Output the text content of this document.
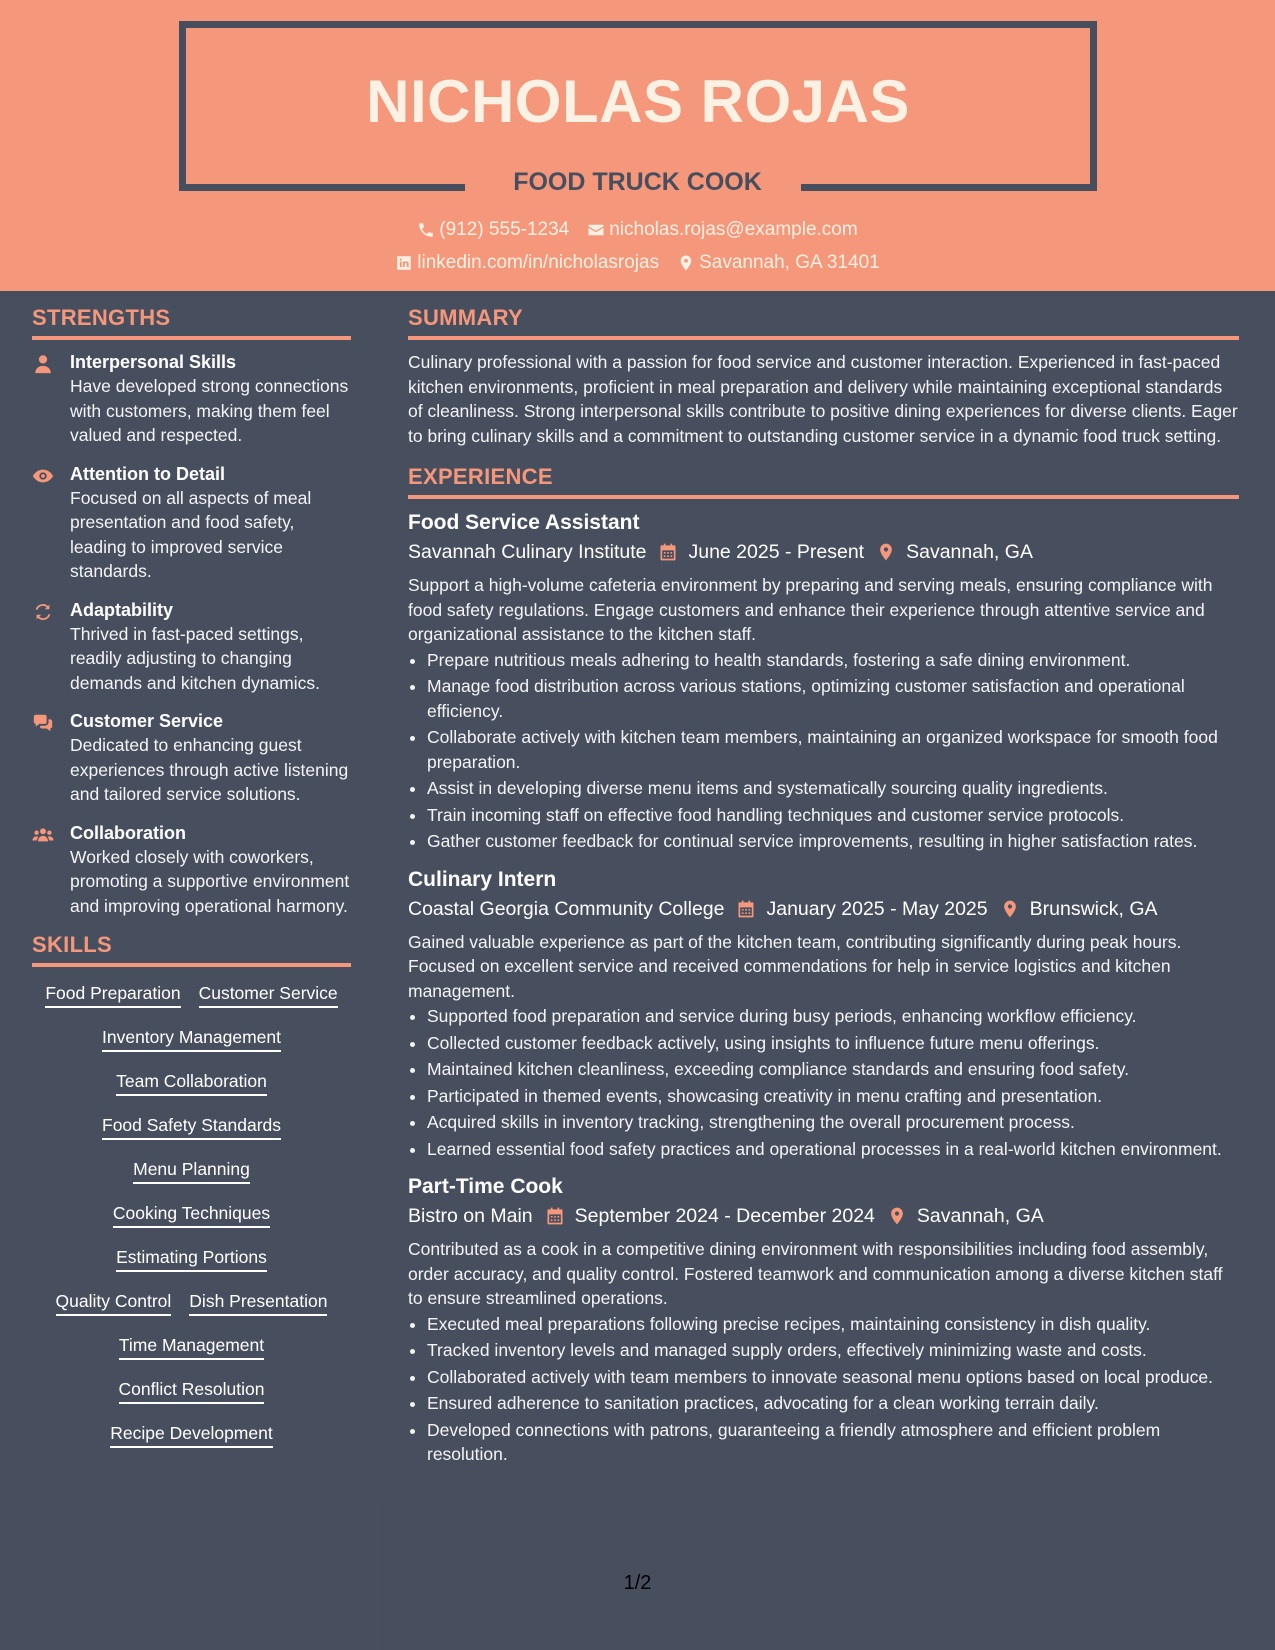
NICHOLAS ROJAS
FOOD TRUCK COOK
(912) 555-1234 nicholas.rojas@example.com
linkedin.com/in/nicholasrojas Savannah, GA 31401
STRENGTHS
Interpersonal Skills
Have developed strong connections with customers, making them feel valued and respected.
Attention to Detail
Focused on all aspects of meal presentation and food safety, leading to improved service standards.
Adaptability
Thrived in fast-paced settings, readily adjusting to changing demands and kitchen dynamics.
Customer Service
Dedicated to enhancing guest experiences through active listening and tailored service solutions.
Collaboration
Worked closely with coworkers, promoting a supportive environment and improving operational harmony.
SKILLS
Food Preparation Customer Service
Inventory Management
Team Collaboration
Food Safety Standards
Menu Planning
Cooking Techniques
Estimating Portions
Quality Control Dish Presentation
Time Management
Conflict Resolution
Recipe Development
SUMMARY
Culinary professional with a passion for food service and customer interaction. Experienced in fast-paced kitchen environments, proficient in meal preparation and delivery while maintaining exceptional standards of cleanliness. Strong interpersonal skills contribute to positive dining experiences for diverse clients. Eager to bring culinary skills and a commitment to outstanding customer service in a dynamic food truck setting.
EXPERIENCE
Food Service Assistant
Savannah Culinary Institute June 2025 - Present Savannah, GA
Support a high-volume cafeteria environment by preparing and serving meals, ensuring compliance with food safety regulations. Engage customers and enhance their experience through attentive service and organizational assistance to the kitchen staff.
• Prepare nutritious meals adhering to health standards, fostering a safe dining environment.
• Manage food distribution across various stations, optimizing customer satisfaction and operational efficiency.
• Collaborate actively with kitchen team members, maintaining an organized workspace for smooth food preparation.
• Assist in developing diverse menu items and systematically sourcing quality ingredients.
• Train incoming staff on effective food handling techniques and customer service protocols.
• Gather customer feedback for continual service improvements, resulting in higher satisfaction rates.
Culinary Intern
Coastal Georgia Community College January 2025 - May 2025 Brunswick, GA
Gained valuable experience as part of the kitchen team, contributing significantly during peak hours. Focused on excellent service and received commendations for help in service logistics and kitchen management.
• Supported food preparation and service during busy periods, enhancing workflow efficiency.
• Collected customer feedback actively, using insights to influence future menu offerings.
• Maintained kitchen cleanliness, exceeding compliance standards and ensuring food safety.
• Participated in themed events, showcasing creativity in menu crafting and presentation.
• Acquired skills in inventory tracking, strengthening the overall procurement process.
• Learned essential food safety practices and operational processes in a real-world kitchen environment.
Part-Time Cook
Bistro on Main September 2024 - December 2024 Savannah, GA
Contributed as a cook in a competitive dining environment with responsibilities including food assembly, order accuracy, and quality control. Fostered teamwork and communication among a diverse kitchen staff to ensure streamlined operations.
• Executed meal preparations following precise recipes, maintaining consistency in dish quality.
• Tracked inventory levels and managed supply orders, effectively minimizing waste and costs.
• Collaborated actively with team members to innovate seasonal menu options based on local produce.
• Ensured adherence to sanitation practices, advocating for a clean working terrain daily.
• Developed connections with patrons, guaranteeing a friendly atmosphere and efficient problem resolution.
1/2
